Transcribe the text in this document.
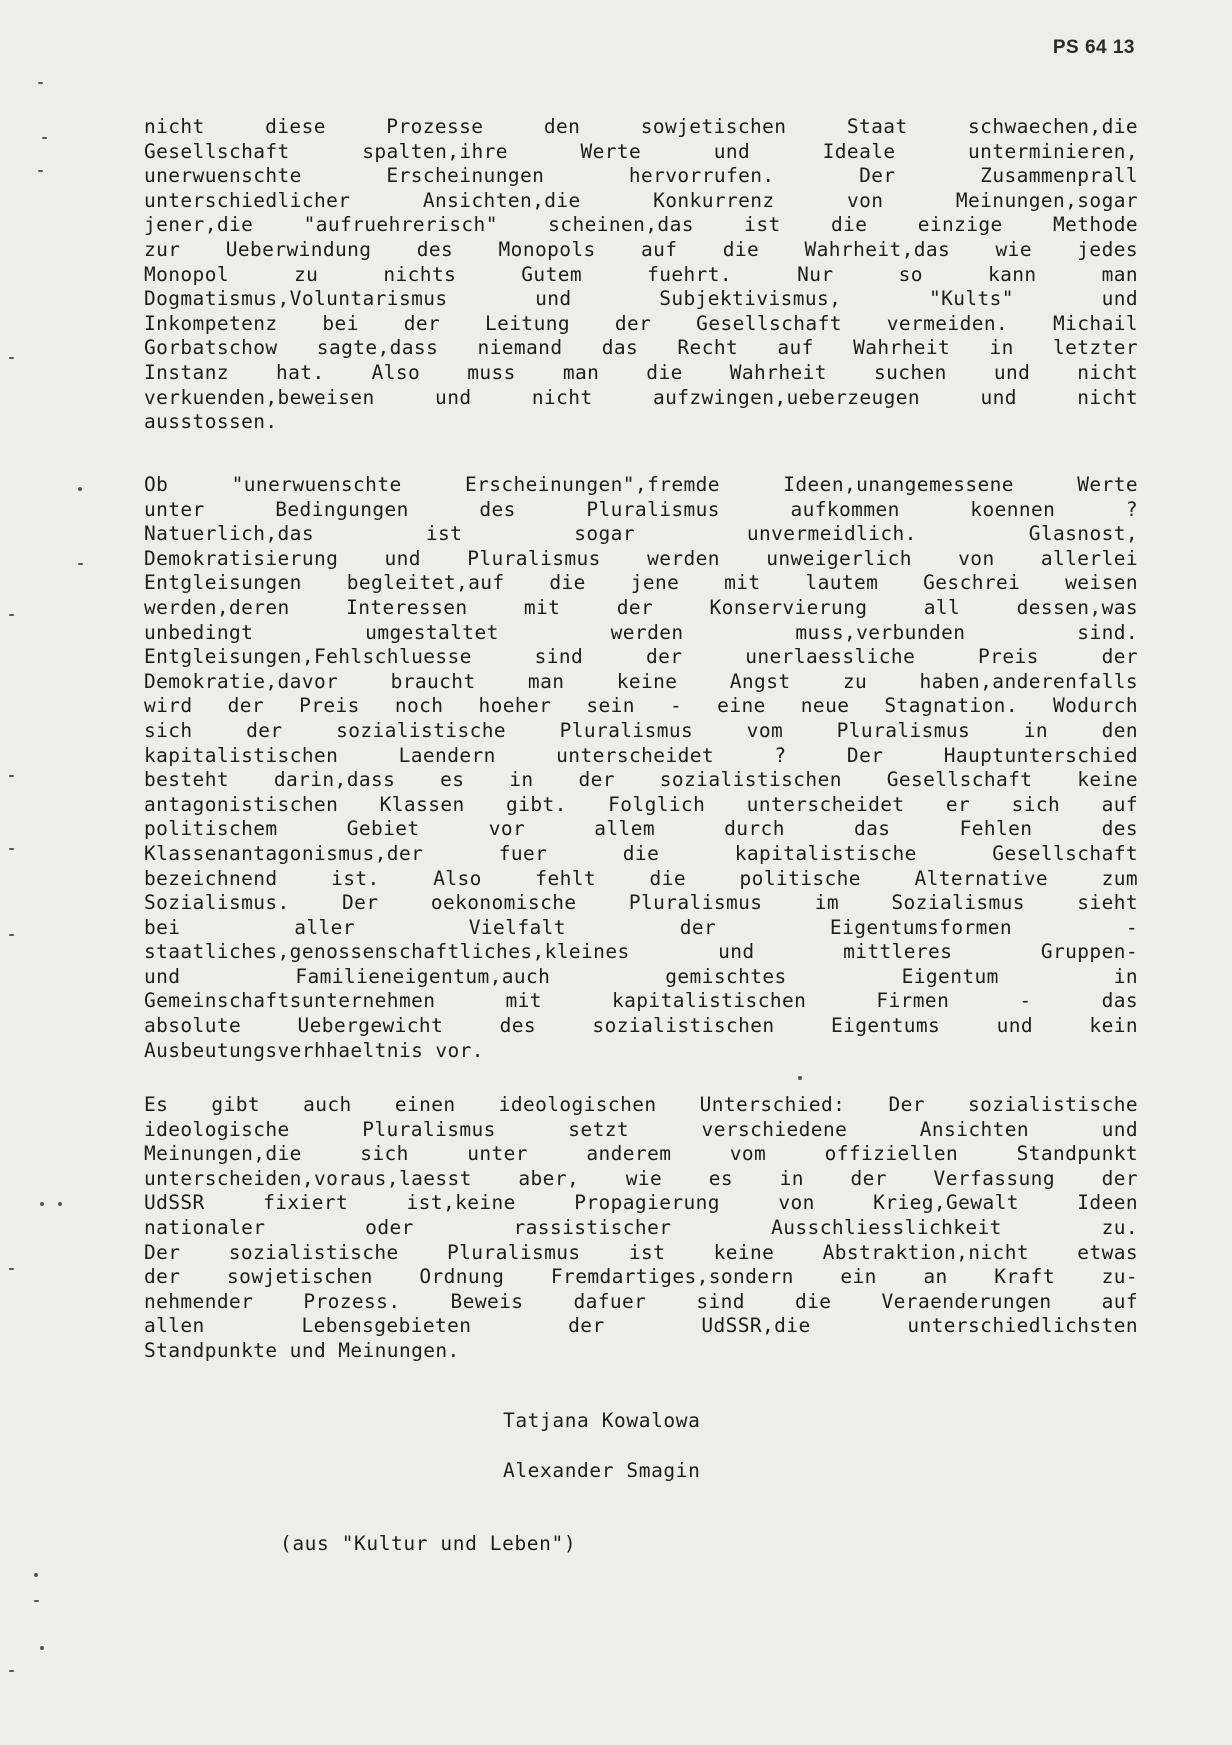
PS 64 13
nicht diese Prozesse den sowjetischen Staat schwaechen,die
Gesellschaft spalten,ihre Werte und Ideale unterminieren,
unerwuenschte Erscheinungen hervorrufen. Der Zusammenprall
unterschiedlicher Ansichten,die Konkurrenz von Meinungen,sogar
jener,die "aufruehrerisch" scheinen,das ist die einzige Methode
zur Ueberwindung des Monopols auf die Wahrheit,das wie jedes
Monopol zu nichts Gutem fuehrt. Nur so kann man
Dogmatismus,Voluntarismus und Subjektivismus, "Kults" und
Inkompetenz bei der Leitung der Gesellschaft vermeiden. Michail
Gorbatschow sagte,dass niemand das Recht auf Wahrheit in letzter
Instanz hat. Also muss man die Wahrheit suchen und nicht
verkuenden,beweisen und nicht aufzwingen,ueberzeugen und nicht
ausstossen.
Ob "unerwuenschte Erscheinungen",fremde Ideen,unangemessene Werte
unter Bedingungen des Pluralismus aufkommen koennen ?
Natuerlich,das ist sogar unvermeidlich. Glasnost,
Demokratisierung und Pluralismus werden unweigerlich von allerlei
Entgleisungen begleitet,auf die jene mit lautem Geschrei weisen
werden,deren Interessen mit der Konservierung all dessen,was
unbedingt umgestaltet werden muss,verbunden sind.
Entgleisungen,Fehlschluesse sind der unerlaessliche Preis der
Demokratie,davor braucht man keine Angst zu haben,anderenfalls
wird der Preis noch hoeher sein - eine neue Stagnation. Wodurch
sich der sozialistische Pluralismus vom Pluralismus in den
kapitalistischen Laendern unterscheidet ? Der Hauptunterschied
besteht darin,dass es in der sozialistischen Gesellschaft keine
antagonistischen Klassen gibt. Folglich unterscheidet er sich auf
politischem Gebiet vor allem durch das Fehlen des
Klassenantagonismus,der fuer die kapitalistische Gesellschaft
bezeichnend ist. Also fehlt die politische Alternative zum
Sozialismus. Der oekonomische Pluralismus im Sozialismus sieht
bei aller Vielfalt der Eigentumsformen -
staatliches,genossenschaftliches,kleines und mittleres Gruppen-
und Familieneigentum,auch gemischtes Eigentum in
Gemeinschaftsunternehmen mit kapitalistischen Firmen - das
absolute Uebergewicht des sozialistischen Eigentums und kein
Ausbeutungsverhhaeltnis vor.
Es gibt auch einen ideologischen Unterschied: Der sozialistische
ideologische Pluralismus setzt verschiedene Ansichten und
Meinungen,die sich unter anderem vom offiziellen Standpunkt
unterscheiden,voraus,laesst aber, wie es in der Verfassung der
UdSSR fixiert ist,keine Propagierung von Krieg,Gewalt Ideen
nationaler oder rassistischer Ausschliesslichkeit zu.
Der sozialistische Pluralismus ist keine Abstraktion,nicht etwas
der sowjetischen Ordnung Fremdartiges,sondern ein an Kraft zu-
nehmender Prozess. Beweis dafuer sind die Veraenderungen auf
allen Lebensgebieten der UdSSR,die unterschiedlichsten
Standpunkte und Meinungen.
Tatjana Kowalowa
Alexander Smagin
(aus "Kultur und Leben")
